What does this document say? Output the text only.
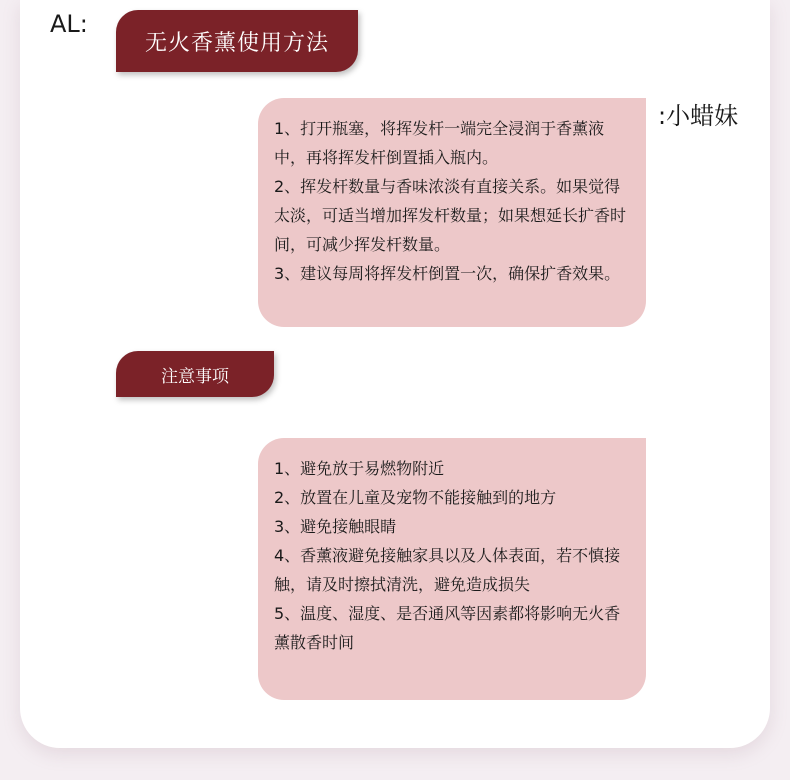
AL:
无火香薰使用方法
:小蜡妹
1、打开瓶塞，将挥发杆一端完全浸润于香薰液中，再将挥发杆倒置插入瓶内。
2、挥发杆数量与香味浓淡有直接关系。如果觉得太淡，可适当增加挥发杆数量；如果想延长扩香时间，可减少挥发杆数量。
3、建议每周将挥发杆倒置一次，确保扩香效果。
注意事项
1、避免放于易燃物附近
2、放置在儿童及宠物不能接触到的地方
3、避免接触眼睛
4、香薰液避免接触家具以及人体表面，若不慎接触，请及时擦拭清洗，避免造成损失
5、温度、湿度、是否通风等因素都将影响无火香薰散香时间
